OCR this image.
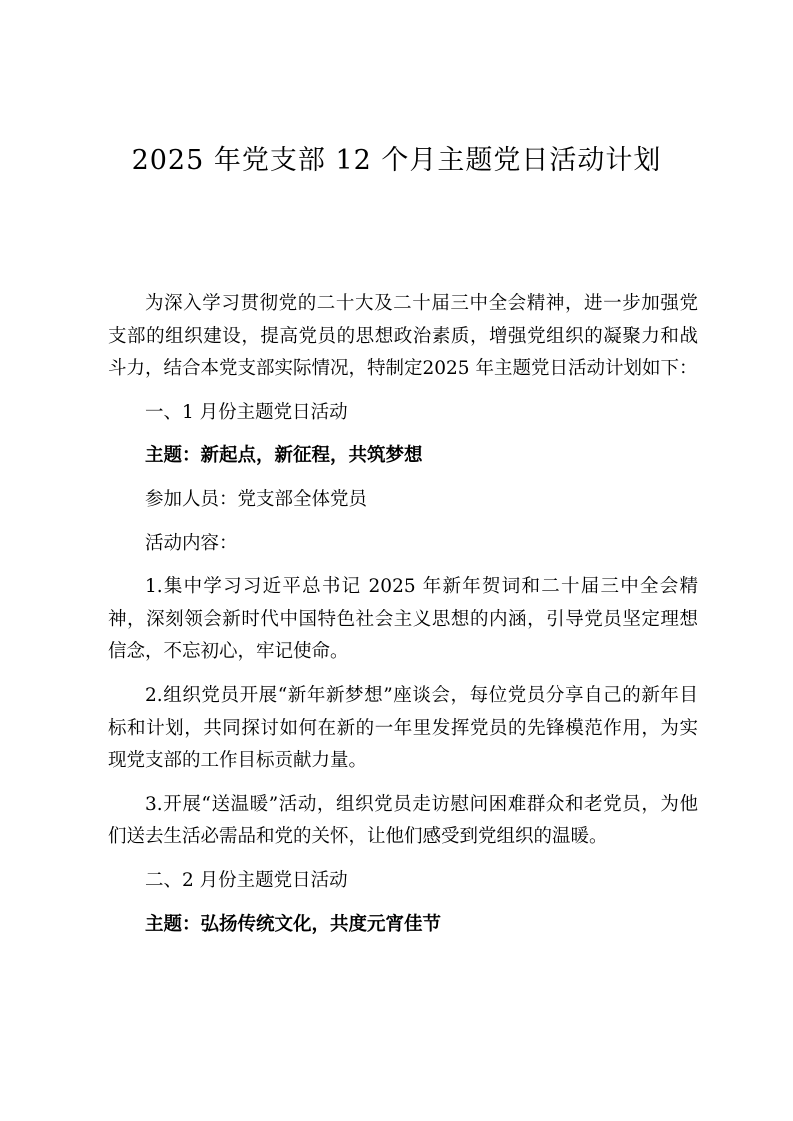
2025 年党支部 12 个月主题党日活动计划

为深入学习贯彻党的二十大及二十届三中全会精神，进一步加强党支部的组织建设，提高党员的思想政治素质，增强党组织的凝聚力和战斗力，结合本党支部实际情况，特制定2025 年主题党日活动计划如下：

一、1 月份主题党日活动

主题：新起点，新征程，共筑梦想

参加人员：党支部全体党员

活动内容：

1.集中学习习近平总书记 2025 年新年贺词和二十届三中全会精神，深刻领会新时代中国特色社会主义思想的内涵，引导党员坚定理想信念，不忘初心，牢记使命。

2.组织党员开展“新年新梦想”座谈会，每位党员分享自己的新年目标和计划，共同探讨如何在新的一年里发挥党员的先锋模范作用，为实现党支部的工作目标贡献力量。

3.开展“送温暖”活动，组织党员走访慰问困难群众和老党员，为他们送去生活必需品和党的关怀，让他们感受到党组织的温暖。

二、2 月份主题党日活动

主题：弘扬传统文化，共度元宵佳节
